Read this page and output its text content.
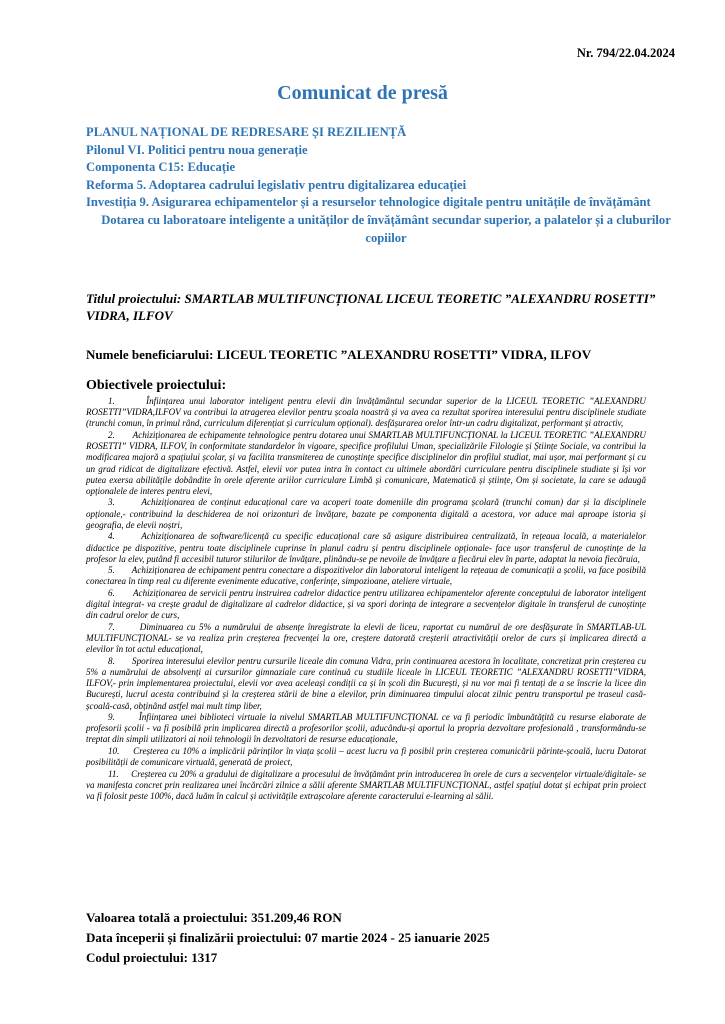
Nr. 794/22.04.2024
Comunicat de presă
PLANUL NAȚIONAL DE REDRESARE ȘI REZILIENȚĂ
Pilonul VI. Politici pentru noua generație
Componenta C15: Educație
Reforma 5. Adoptarea cadrului legislativ pentru digitalizarea educației
Investiția 9. Asigurarea echipamentelor și a resurselor tehnologice digitale pentru unitățile de învățământ
Dotarea cu laboratoare inteligente a unităților de învățământ secundar superior, a palatelor și a cluburilor copiilor
Titlul proiectului: SMARTLAB MULTIFUNCȚIONAL LICEUL TEORETIC ”ALEXANDRU ROSETTI” VIDRA, ILFOV
Numele beneficiarului: LICEUL TEORETIC ”ALEXANDRU ROSETTI” VIDRA, ILFOV
Obiectivele proiectului:

1.       Înființarea unui laborator inteligent pentru elevii din învățământul secundar superior de la LICEUL TEORETIC ”ALEXANDRU ROSETTI”VIDRA,ILFOV va contribui la atragerea elevilor pentru școala noastră și va avea ca rezultat sporirea interesului pentru disciplinele studiate (trunchi comun, în primul rând, curriculum diferențiat și curriculum opțional). desfășurarea orelor într-un cadru digitalizat, performant și atractiv,

2.       Achiziționarea de echipamente tehnologice pentru dotarea unui SMARTLAB MULTIFUNCȚIONAL la LICEUL TEORETIC ”ALEXANDRU ROSETTI” VIDRA, ILFOV, în conformitate standardelor în vigoare, specifice profilului Uman, specializările Filologie și Științe Sociale, va contribui la modificarea majoră a spațiului școlar, și va facilita transmiterea de cunoștințe specifice disciplinelor din profilul studiat, mai ușor, mai performant și cu un grad ridicat de digitalizare efectivă. Astfel, elevii vor putea intra în contact cu ultimele abordări curriculare pentru disciplinele studiate și își vor putea exersa abilitățile dobândite în orele aferente ariilor curriculare Limbă și comunicare, Matematică și științe, Om și societate, la care se adaugă opționalele de interes pentru elevi,

3.       Achiziționarea de conținut educațional care va acoperi toate domeniile din programa școlară (trunchi comun) dar și la disciplinele opționale,- contribuind la deschiderea de noi orizonturi de învățare, bazate pe componenta digitală a acestora, vor aduce mai aproape istoria și geografia, de elevii noștri,

4.       Achiziționarea de software/licență cu specific educațional care să asigure distribuirea centralizată, în rețeaua locală, a materialelor didactice pe dispozitive, pentru toate disciplinele cuprinse în planul cadru și pentru disciplinele opționale- face ușor transferul de cunoștințe de la profesor la elev, putând fi accesibil tuturor stilurilor de învățare, plinându-se pe nevoile de învățare a fiecărui elev în parte, adaptat la nevoia fiecăruia,

5.       Achiziționarea de echipament pentru conectare a dispozitivelor din laboratorul inteligent la rețeaua de comunicații a școlii, va face posibilă conectarea în timp real cu diferente evenimente educative, conferințe, simpozioane, ateliere virtuale,

6.       Achiziționarea de servicii pentru instruirea cadrelor didactice pentru utilizarea echipamentelor aferente conceptului de laborator inteligent digital integrat- va crește gradul de digitalizare al cadrelor didactice, și va spori dorința de integrare a secvențelor digitale în transferul de cunoștințe din cadrul orelor de curs,

7.       Diminuarea cu 5% a numărului de absențe înregistrate la elevii de liceu, raportat cu numărul de ore desfășurate în SMARTLAB-UL MULTIFUNCȚIONAL- se va realiza prin creșterea frecvenței la ore, creștere datorată creșterii atractivității orelor de curs și implicarea directă a elevilor în tot actul educațional,

8.       Sporirea interesului elevilor pentru cursurile liceale din comuna Vidra, prin continuarea acestora în localitate, concretizat prin creșterea cu 5% a numărului de absolvenți ai cursurilor gimnaziale care continuă cu studiile liceale în LICEUL TEORETIC ”ALEXANDRU ROSETTI”VIDRA, ILFOV,- prin implementarea proiectului, elevii vor avea aceleași condiții ca și în școli din București, și nu vor mai fi tentați de a se înscrie la licee din București, lucrul acesta contribuind și la creșterea stării de bine a elevilor, prin diminuarea timpului alocat zilnic pentru transportul pe traseul casă-școală-casă, obținând astfel mai mult timp liber,

9.       Înființarea unei biblioteci virtuale la nivelul SMARTLAB MULTIFUNCȚIONAL ce va fi periodic îmbunătățită cu resurse elaborate de profesorii școlii - va fi posibilă prin implicarea directă a profesorilor școlii, aducându-și aportul la propria dezvoltare profesională , transformându-se treptat din simpli utilizatori ai noii tehnologii în dezvoltatori de resurse educaționale,

10.     Creșterea cu 10% a implicării părinților în viața școlii – acest lucru va fi posibil prin creșterea comunicării părinte-școală, lucru Datorat posibilității de comunicare virtuală, generată de proiect,

11.     Creșterea cu 20% a gradului de digitalizare a procesului de învățământ prin introducerea în orele de curs a secvențelor virtuale/digitale- se va manifesta concret prin realizarea unei încărcări zilnice a sălii aferente SMARTLAB MULTIFUNCȚIONAL, astfel spațiul dotat și echipat prin proiect va fi folosit peste 100%, dacă luăm în calcul și activitățile extrașcolare aferente caracterului e-learning al sălii.

Valoarea totală a proiectului: 351.209,46 RON
Data începerii și finalizării proiectului: 07 martie 2024 - 25 ianuarie 2025
Codul proiectului: 1317
